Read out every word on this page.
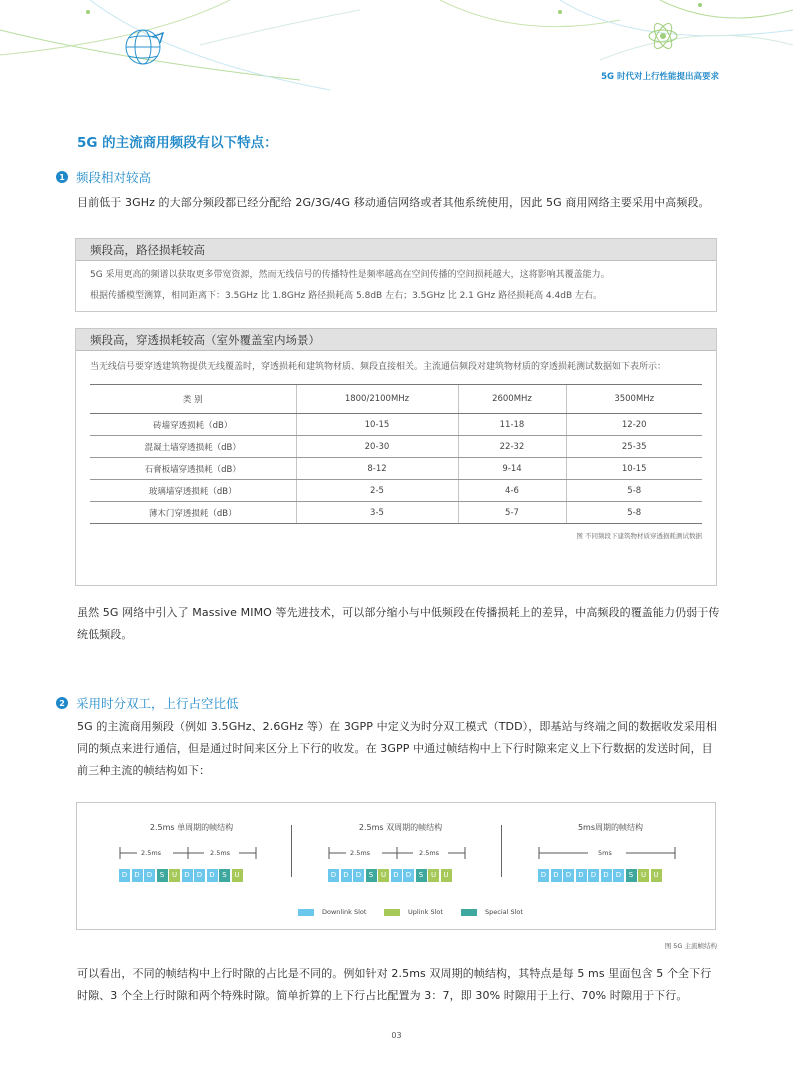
5G 时代对上行性能提出高要求
5G 的主流商用频段有以下特点：
1 频段相对较高
目前低于 3GHz 的大部分频段都已经分配给 2G/3G/4G 移动通信网络或者其他系统使用，因此 5G 商用网络主要采用中高频段。
频段高，路径损耗较高
5G 采用更高的频谱以获取更多带宽资源，然而无线信号的传播特性是频率越高在空间传播的空间损耗越大，这将影响其覆盖能力。
根据传播模型测算，相同距离下：3.5GHz 比 1.8GHz 路径损耗高 5.8dB 左右；3.5GHz 比 2.1 GHz 路径损耗高 4.4dB 左右。
频段高，穿透损耗较高（室外覆盖室内场景）
当无线信号要穿透建筑物提供无线覆盖时，穿透损耗和建筑物材质、频段直接相关。主流通信频段对建筑物材质的穿透损耗测试数据如下表所示：
类 别	1800/2100MHz	2600MHz	3500MHz
砖墙穿透损耗（dB）	10-15	11-18	12-20
混凝土墙穿透损耗（dB）	20-30	22-32	25-35
石膏板墙穿透损耗（dB）	8-12	9-14	10-15
玻璃墙穿透损耗（dB）	2-5	4-6	5-8
薄木门穿透损耗（dB）	3-5	5-7	5-8
图 不同频段下建筑物材质穿透损耗测试数据
虽然 5G 网络中引入了 Massive MIMO 等先进技术，可以部分缩小与中低频段在传播损耗上的差异，中高频段的覆盖能力仍弱于传统低频段。
2 采用时分双工，上行占空比低
5G 的主流商用频段（例如 3.5GHz、2.6GHz 等）在 3GPP 中定义为时分双工模式（TDD），即基站与终端之间的数据收发采用相同的频点来进行通信，但是通过时间来区分上下行的收发。在 3GPP 中通过帧结构中上下行时隙来定义上下行数据的发送时间，目前三种主流的帧结构如下：
2.5ms 单周期的帧结构
2.5ms	2.5ms
D	D	D	S	U	D	D	D	S	U
2.5ms 双周期的帧结构
2.5ms	2.5ms
D	D	D	S	U	D	D	S	U	U
5ms周期的帧结构
5ms
D	D	D	D	D	D	D	S	U	U
Downlink Slot	Uplink Slot	Special Slot
图 5G 主流帧结构
可以看出，不同的帧结构中上行时隙的占比是不同的。例如针对 2.5ms 双周期的帧结构，其特点是每 5 ms 里面包含 5 个全下行时隙、3 个全上行时隙和两个特殊时隙。简单折算的上下行占比配置为 3：7，即 30% 时隙用于上行、70% 时隙用于下行。
03
